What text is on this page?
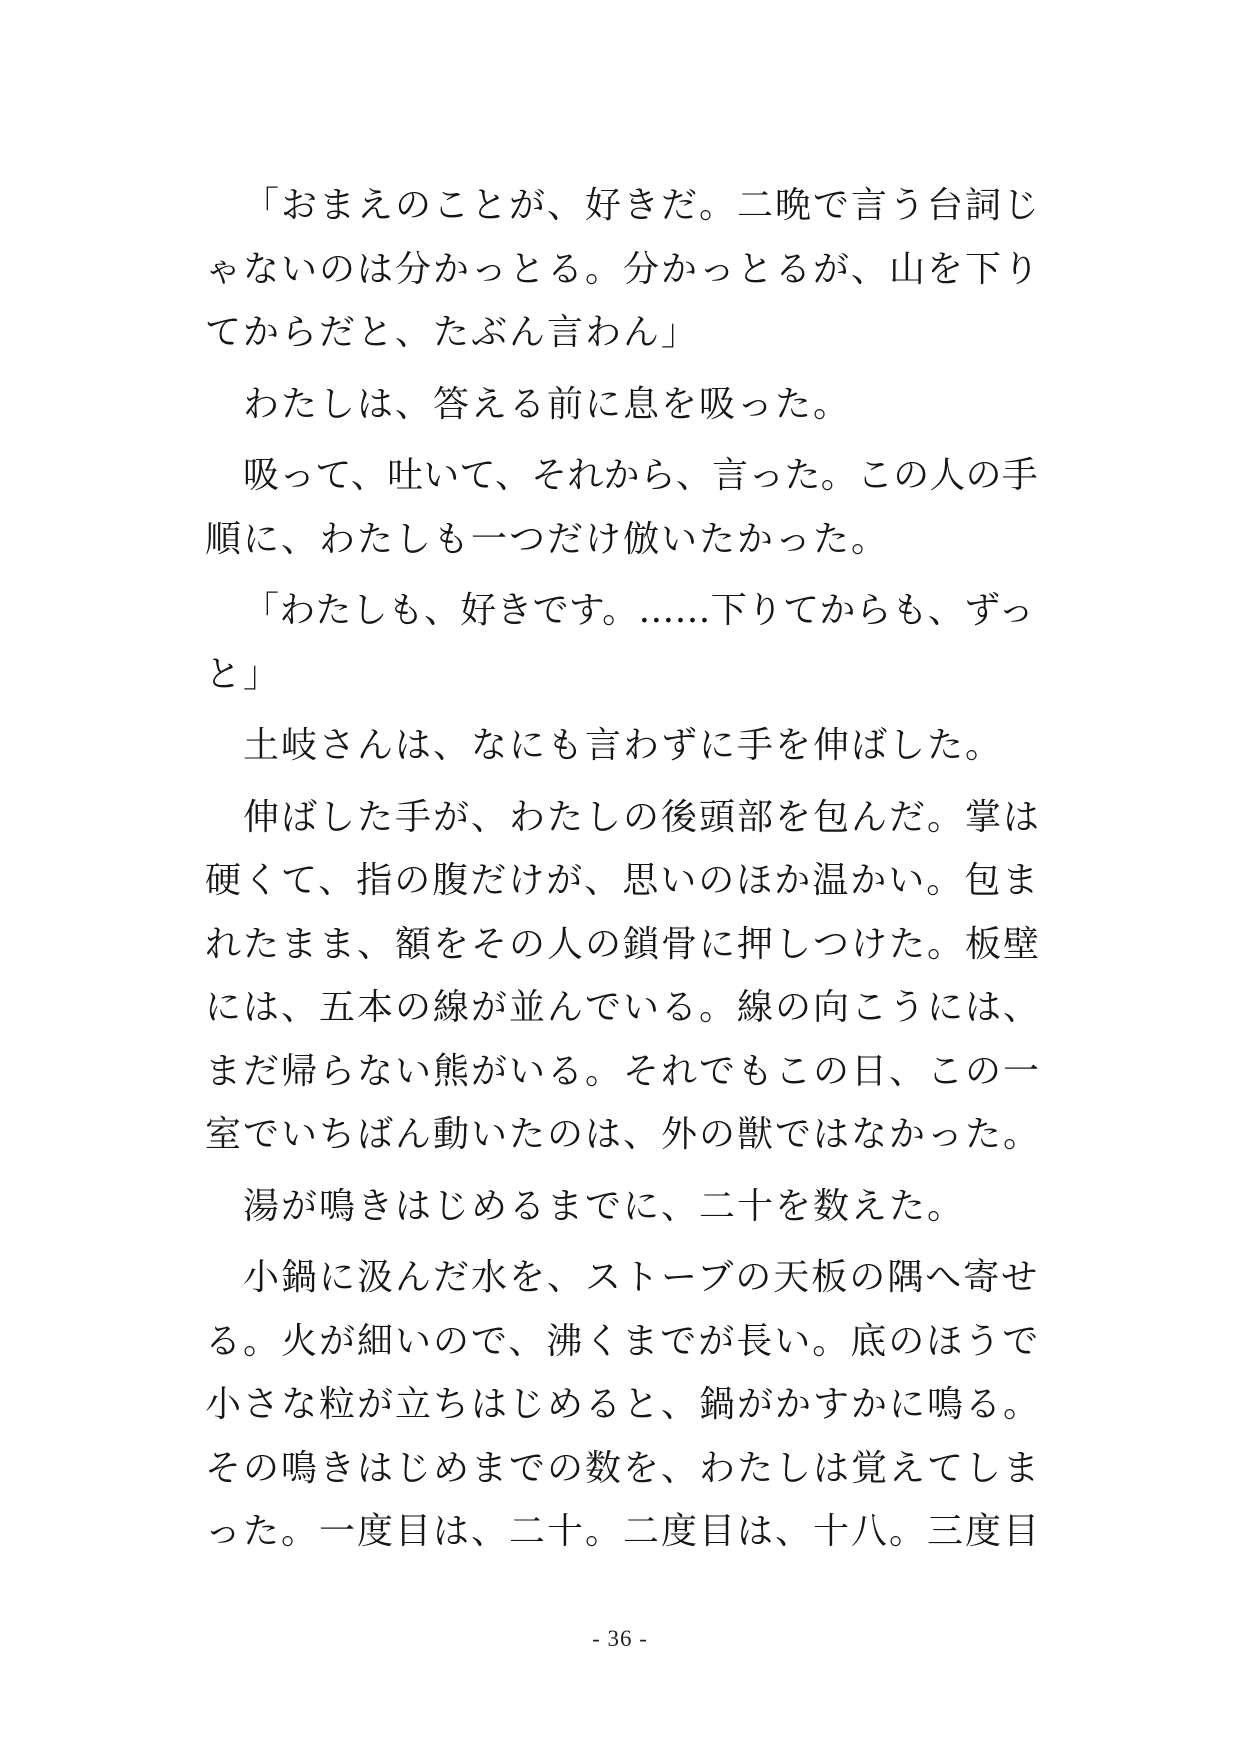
「おまえのことが、好きだ。二晩で言う台詞じ
ゃないのは分かっとる。分かっとるが、山を下り
てからだと、たぶん言わん」
わたしは、答える前に息を吸った。
吸って、吐いて、それから、言った。この人の手
順に、わたしも一つだけ倣いたかった。
「わたしも、好きです。……下りてからも、ずっ
と」
土岐さんは、なにも言わずに手を伸ばした。
伸ばした手が、わたしの後頭部を包んだ。掌は
硬くて、指の腹だけが、思いのほか温かい。包ま
れたまま、額をその人の鎖骨に押しつけた。板壁
には、五本の線が並んでいる。線の向こうには、
まだ帰らない熊がいる。それでもこの日、この一
室でいちばん動いたのは、外の獣ではなかった。
湯が鳴きはじめるまでに、二十を数えた。
小鍋に汲んだ水を、ストーブの天板の隅へ寄せ
る。火が細いので、沸くまでが長い。底のほうで
小さな粒が立ちはじめると、鍋がかすかに鳴る。
その鳴きはじめまでの数を、わたしは覚えてしま
った。一度目は、二十。二度目は、十八。三度目
- 36 -
